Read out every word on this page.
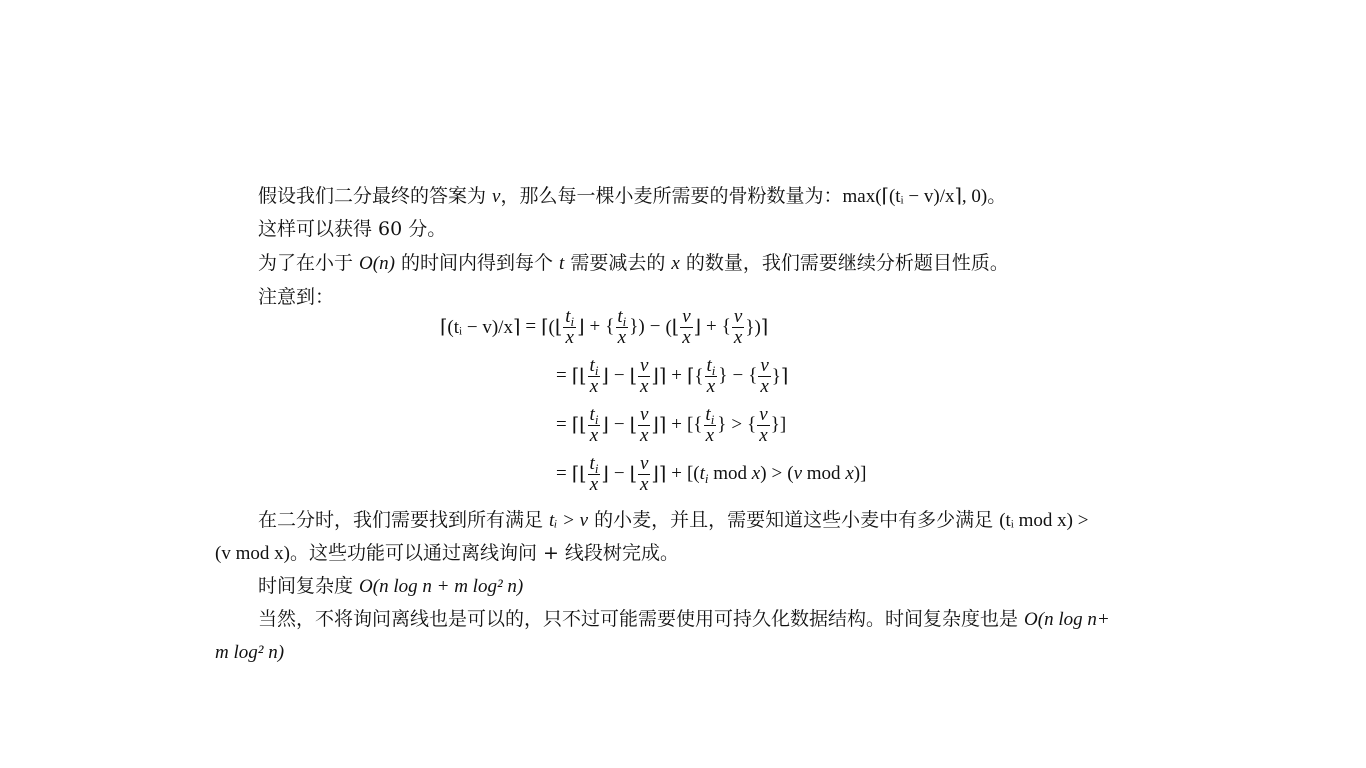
假设我们二分最终的答案为 v，那么每一棵小麦所需要的骨粉数量为：max(⌈(tᵢ − v)/x⌉, 0)。
这样可以获得 60 分。
为了在小于 O(n) 的时间内得到每个 t 需要减去的 x 的数量，我们需要继续分析题目性质。
注意到：
⌈(tᵢ − v)/x⌉ = ⌈(⌊ $\frac{t_i}{x}$ ⌋ + { $\frac{t_i}{x}$ }) − (⌊ $\frac{v}{x}$ ⌋ + { $\frac{v}{x}$ })⌉
= ⌈⌊ $\frac{t_i}{x}$ ⌋ − ⌊ $\frac{v}{x}$ ⌋⌉ + ⌈{ $\frac{t_i}{x}$ } − { $\frac{v}{x}$ }⌉
= ⌈⌊ $\frac{t_i}{x}$ ⌋ − ⌊ $\frac{v}{x}$ ⌋⌉ + [{ $\frac{t_i}{x}$ } > { $\frac{v}{x}$ }]
= ⌈⌊ $\frac{t_i}{x}$ ⌋ − ⌊ $\frac{v}{x}$ ⌋⌉ + [($t_i$ mod x) > (v mod x)]
在二分时，我们需要找到所有满足 tᵢ > v 的小麦，并且，需要知道这些小麦中有多少满足 (tᵢ mod x) >
(v mod x)。这些功能可以通过离线询问 + 线段树完成。
时间复杂度 O(n log n + m log² n)
当然，不将询问离线也是可以的，只不过可能需要使用可持久化数据结构。时间复杂度也是 O(n log n+
m log² n)
